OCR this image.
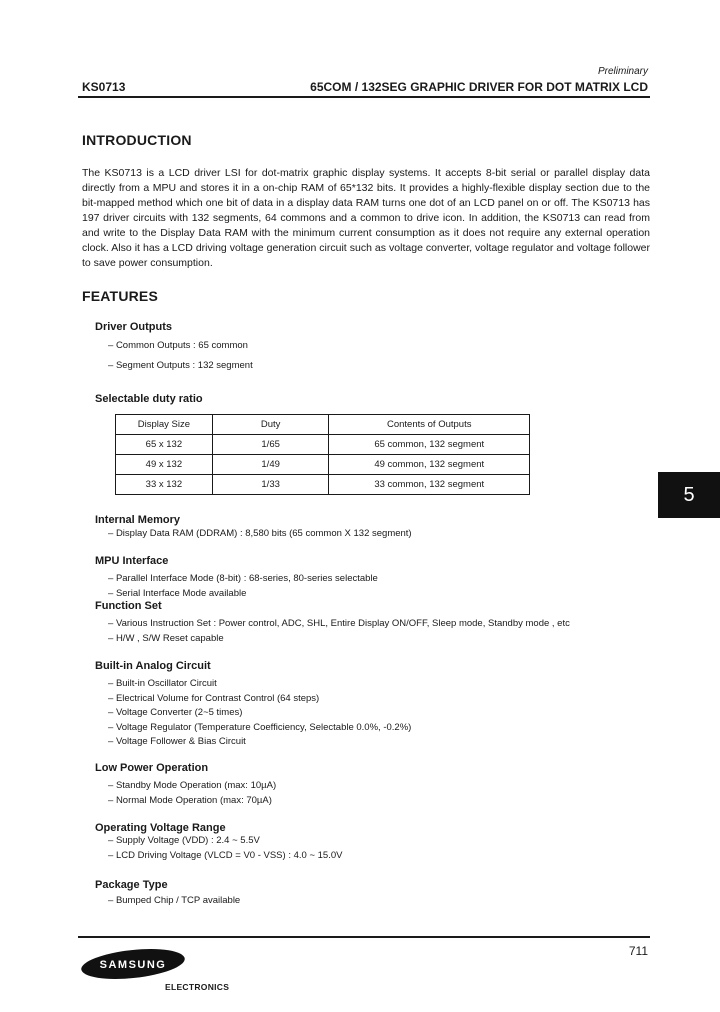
Preliminary
KS0713	65COM / 132SEG GRAPHIC DRIVER FOR DOT MATRIX LCD
INTRODUCTION

The KS0713 is a LCD driver LSI for dot-matrix graphic display systems. It accepts 8-bit serial or parallel display data directly from a MPU and stores it in a on-chip RAM of 65*132 bits. It provides a highly-flexible display section due to the bit-mapped method which one bit of data in a display data RAM turns one dot of an LCD panel on or off. The KS0713 has 197 driver circuits with 132 segments, 64 commons and a common to drive icon. In addition, the KS0713 can read from and write to the Display Data RAM with the minimum current consumption as it does not require any external operation clock. Also it has a LCD driving voltage generation circuit such as voltage converter, voltage regulator and voltage follower to save power consumption.

FEATURES
Driver Outputs
– Common Outputs : 65 common
– Segment Outputs : 132 segment
Selectable duty ratio
Display Size	Duty	Contents of Outputs
65 x 132	1/65	65 common, 132 segment
49 x 132	1/49	49 common, 132 segment
33 x 132	1/33	33 common, 132 segment	5
Internal Memory
– Display Data RAM (DDRAM) : 8,580 bits (65 common X 132 segment)
MPU Interface
– Parallel Interface Mode (8-bit) : 68-series, 80-series selectable
– Serial Interface Mode available
Function Set
– Various Instruction Set : Power control, ADC, SHL, Entire Display ON/OFF, Sleep mode, Standby mode , etc
– H/W , S/W Reset capable
Built-in Analog Circuit
– Built-in Oscillator Circuit
– Electrical Volume for Contrast Control (64 steps)
– Voltage Converter (2~5 times)
– Voltage Regulator (Temperature Coefficiency, Selectable 0.0%, -0.2%)
– Voltage Follower & Bias Circuit
Low Power Operation
– Standby Mode Operation (max: 10µA)
– Normal Mode Operation (max: 70µA)
Operating Voltage Range
– Supply Voltage (VDD) : 2.4 ~ 5.5V
– LCD Driving Voltage (VLCD = V0 - VSS) : 4.0 ~ 15.0V
Package Type
– Bumped Chip / TCP available
711
SAMSUNG
ELECTRONICS
